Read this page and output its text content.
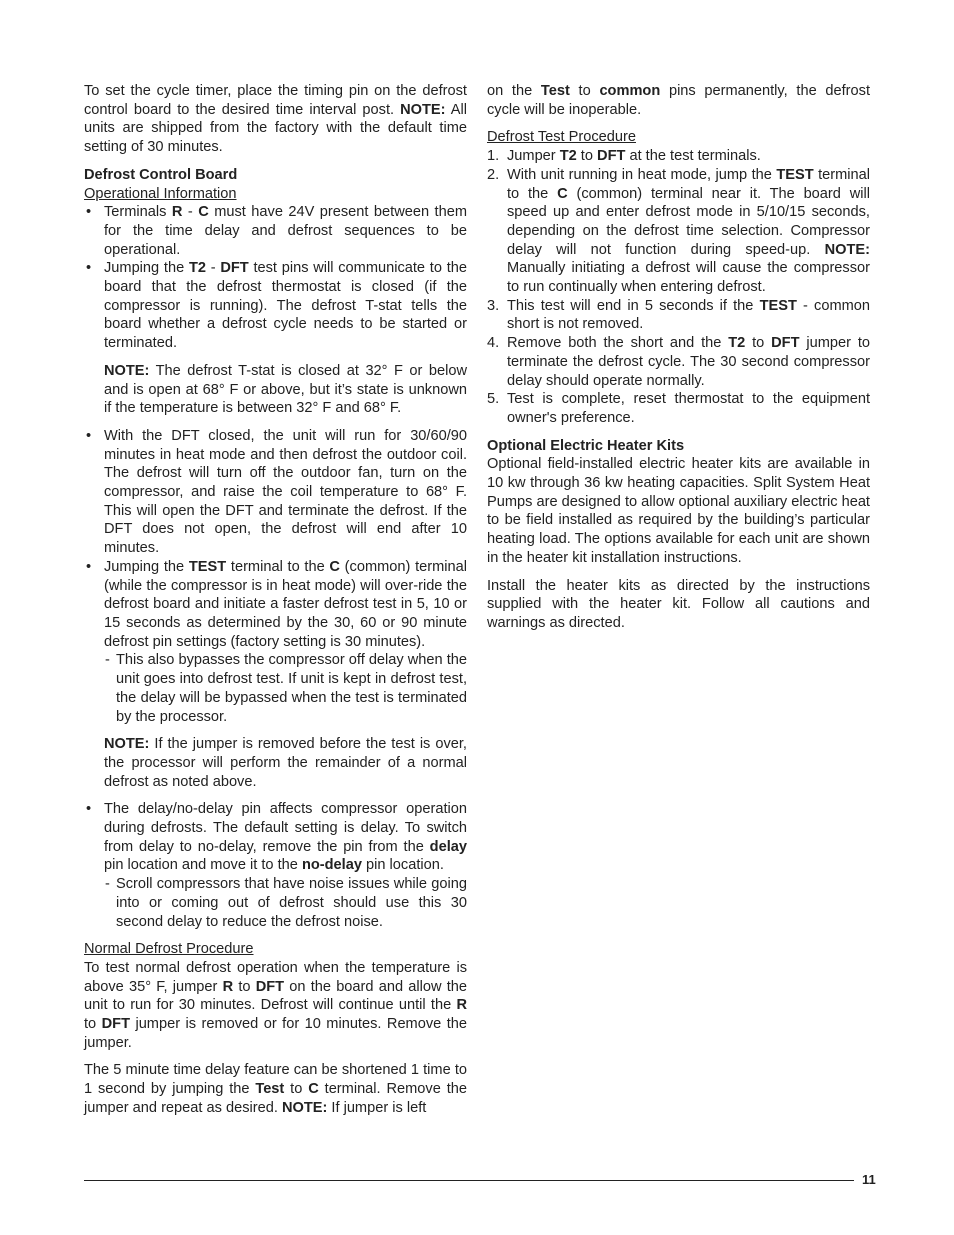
To set the cycle timer, place the timing pin on the defrost control board to the desired time interval post. NOTE: All units are shipped from the factory with the default time setting of 30 minutes.

Defrost Control Board

Operational Information

• Terminals R - C must have 24V present between them for the time delay and defrost sequences to be operational.
• Jumping the T2 - DFT test pins will communicate to the board that the defrost thermostat is closed (if the compressor is running). The defrost T-stat tells the board whether a defrost cycle needs to be started or terminated.

NOTE: The defrost T-stat is closed at 32° F or below and is open at 68° F or above, but it’s state is unknown if the temperature is between 32° F and 68° F.

• With the DFT closed, the unit will run for 30/60/90 minutes in heat mode and then defrost the outdoor coil. The defrost will turn off the outdoor fan, turn on the compressor, and raise the coil temperature to 68° F. This will open the DFT and terminate the defrost. If the DFT does not open, the defrost will end after 10 minutes.
• Jumping the TEST terminal to the C (common) terminal (while the compressor is in heat mode) will over-ride the defrost board and initiate a faster defrost test in 5, 10 or 15 seconds as determined by the 30, 60 or 90 minute defrost pin settings (factory setting is 30 minutes).
- This also bypasses the compressor off delay when the unit goes into defrost test. If unit is kept in defrost test, the delay will be bypassed when the test is terminated by the processor.

NOTE: If the jumper is removed before the test is over, the processor will perform the remainder of a normal defrost as noted above.

• The delay/no-delay pin affects compressor operation during defrosts. The default setting is delay. To switch from delay to no-delay, remove the pin from the delay pin location and move it to the no-delay pin location.
- Scroll compressors that have noise issues while going into or coming out of defrost should use this 30 second delay to reduce the defrost noise.

Normal Defrost Procedure

To test normal defrost operation when the temperature is above 35° F, jumper R to DFT on the board and allow the unit to run for 30 minutes. Defrost will continue until the R to DFT jumper is removed or for 10 minutes. Remove the jumper.

The 5 minute time delay feature can be shortened 1 time to 1 second by jumping the Test to C terminal. Remove the jumper and repeat as desired. NOTE: If jumper is left

on the Test to common pins permanently, the defrost cycle will be inoperable.

Defrost Test Procedure

1. Jumper T2 to DFT at the test terminals.
2. With unit running in heat mode, jump the TEST terminal to the C (common) terminal near it. The board will speed up and enter defrost mode in 5/10/15 seconds, depending on the defrost time selection. Compressor delay will not function during speed-up. NOTE: Manually initiating a defrost will cause the compressor to run continually when entering defrost.
3. This test will end in 5 seconds if the TEST - common short is not removed.
4. Remove both the short and the T2 to DFT jumper to terminate the defrost cycle. The 30 second compressor delay should operate normally.
5. Test is complete, reset thermostat to the equipment owner's preference.

Optional Electric Heater Kits

Optional field-installed electric heater kits are available in 10 kw through 36 kw heating capacities. Split System Heat Pumps are designed to allow optional auxiliary electric heat to be field installed as required by the building’s particular heating load. The options available for each unit are shown in the heater kit installation instructions.

Install the heater kits as directed by the instructions supplied with the heater kit. Follow all cautions and warnings as directed.

11
